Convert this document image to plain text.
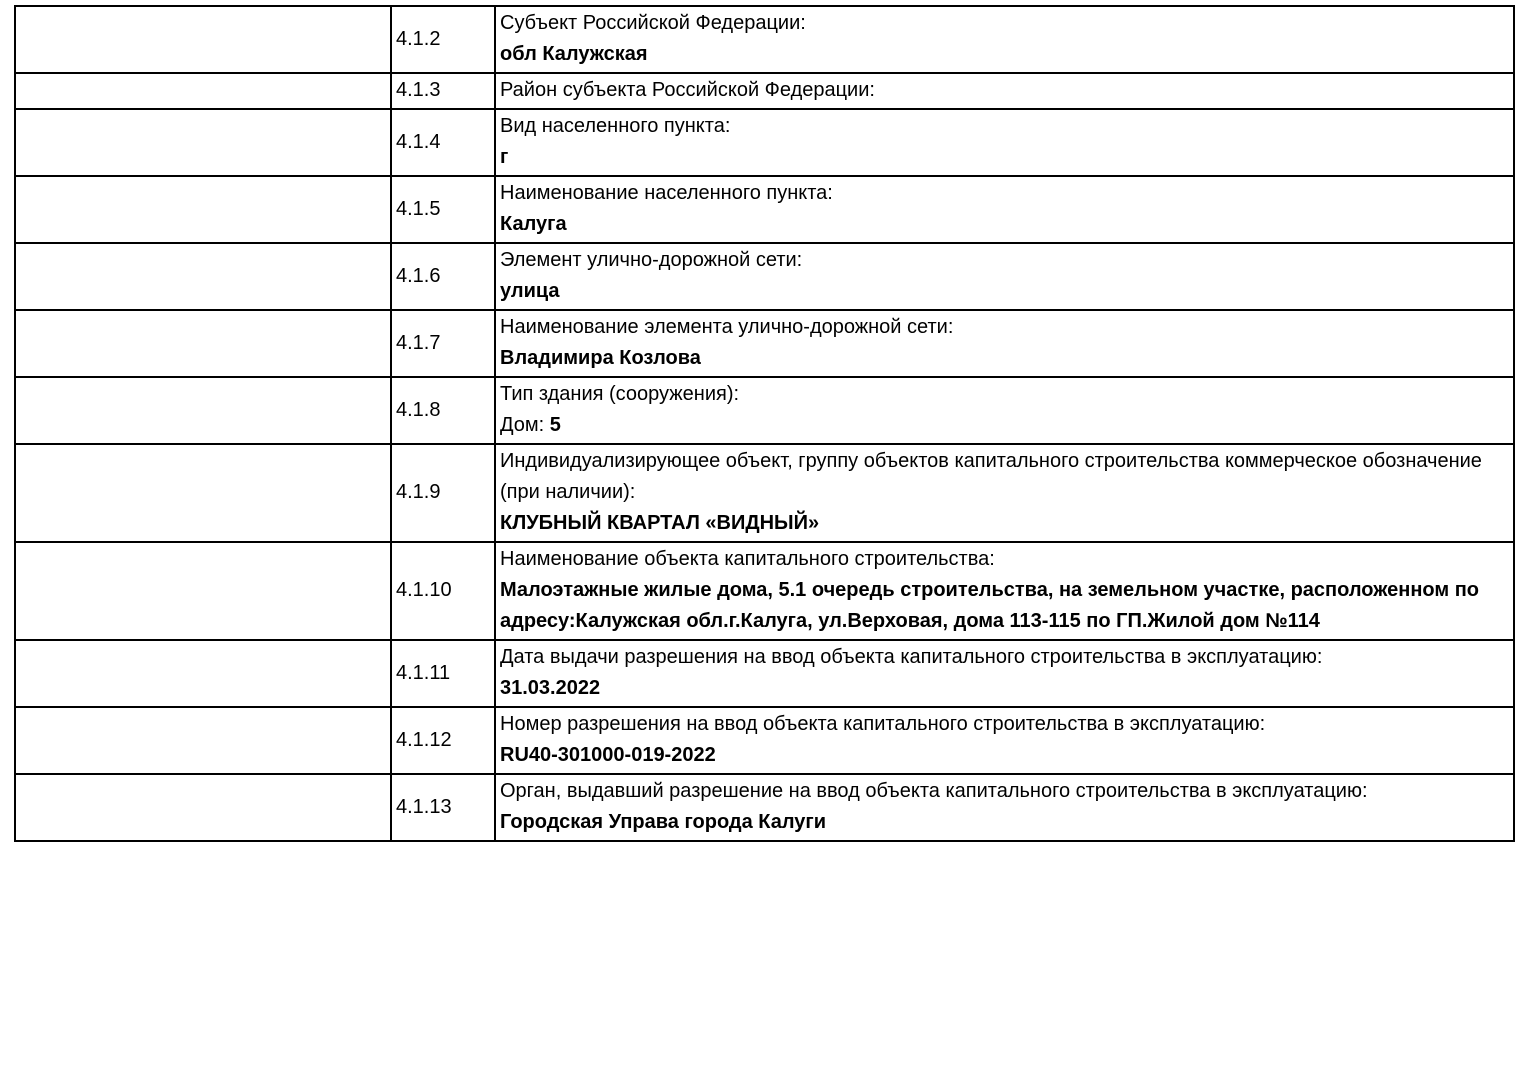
	4.1.2	Субъект Российской Федерации:
обл Калужская

	4.1.3	Район субъекта Российской Федерации:

	4.1.4	Вид населенного пункта:
г

	4.1.5	Наименование населенного пункта:
Калуга

	4.1.6	Элемент улично-дорожной сети:
улица

	4.1.7	Наименование элемента улично-дорожной сети:
Владимира Козлова

	4.1.8	Тип здания (сооружения):
Дом: 5

	4.1.9	Индивидуализирующее объект, группу объектов капитального строительства коммерческое обозначение (при наличии):
КЛУБНЫЙ КВАРТАЛ «ВИДНЫЙ»

	4.1.10	Наименование объекта капитального строительства:
Малоэтажные жилые дома, 5.1 очередь строительства, на земельном участке, расположенном по адресу:Калужская обл.г.Калуга, ул.Верховая, дома 113-115 по ГП.Жилой дом №114

	4.1.11	Дата выдачи разрешения на ввод объекта капитального строительства в эксплуатацию:
31.03.2022

	4.1.12	Номер разрешения на ввод объекта капитального строительства в эксплуатацию:
RU40-301000-019-2022

	4.1.13	Орган, выдавший разрешение на ввод объекта капитального строительства в эксплуатацию:
Городская Управа города Калуги
